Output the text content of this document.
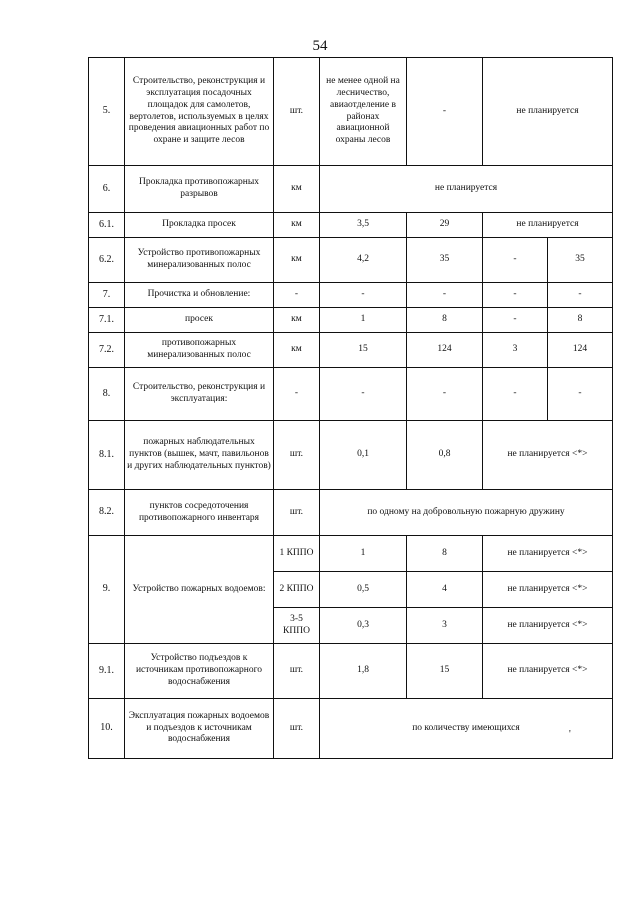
54
5.	Строительство, реконструкция и эксплуатация посадочных площадок для самолетов, вертолетов, используемых в целях проведения авиационных работ по охране и защите лесов	шт.	не менее одной на лесничество, авиаотделение в районах авиационной охраны лесов	-	не планируется	
6.	Прокладка противопожарных разрывов	км	не планируется			
6.1.	Прокладка просек	км	3,5	29	не планируется	
6.2.	Устройство противопожарных минерализованных полос	км	4,2	35	-	35
7.	Прочистка и обновление:	-	-	-	-	-
7.1.	просек	км	1	8	-	8
7.2.	противопожарных минерализованных полос	км	15	124	3	124
8.	Строительство, реконструкция и эксплуатация:	-	-	-	-	-
8.1.	пожарных наблюдательных пунктов (вышек, мачт, павильонов и других наблюдательных пунктов)	шт.	0,1	0,8	не планируется <*>	
8.2.	пунктов сосредоточения противопожарного инвентаря	шт.	по одному на добровольную пожарную дружину			
9.	Устройство пожарных водоемов:	1 КППО	1	8	не планируется <*>	
		2 КППО	0,5	4	не планируется <*>	
		3-5 КППО	0,3	3	не планируется <*>	
9.1.	Устройство подъездов к источникам противопожарного водоснабжения	шт.	1,8	15	не планируется <*>	
10.	Эксплуатация пожарных водоемов и подъездов к источникам водоснабжения	шт.	по количеству имеющихся			
'
